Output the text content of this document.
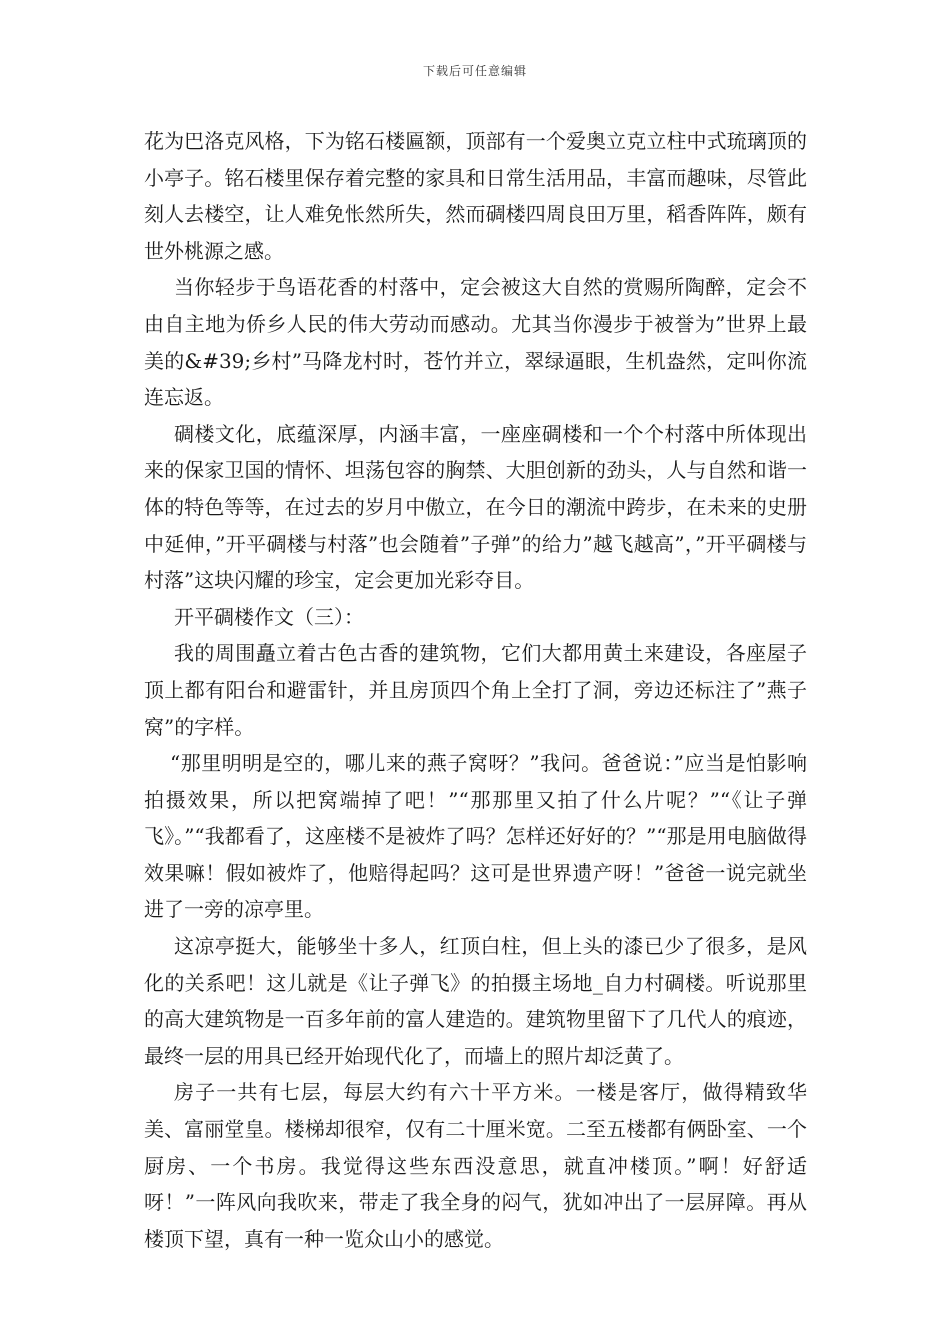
下载后可任意编辑

花为巴洛克风格，下为铭石楼匾额，顶部有一个爱奥立克立柱中式琉璃顶的小亭子。铭石楼里保存着完整的家具和日常生活用品，丰富而趣味，尽管此刻人去楼空，让人难免怅然所失，然而碉楼四周良田万里，稻香阵阵，颇有世外桃源之感。

当你轻步于鸟语花香的村落中，定会被这大自然的赏赐所陶醉，定会不由自主地为侨乡人民的伟大劳动而感动。尤其当你漫步于被誉为”世界上最美的&#39;乡村”马降龙村时，苍竹并立，翠绿逼眼，生机盎然，定叫你流连忘返。

碉楼文化，底蕴深厚，内涵丰富，一座座碉楼和一个个村落中所体现出来的保家卫国的情怀、坦荡包容的胸禁、大胆创新的劲头，人与自然和谐一体的特色等等，在过去的岁月中傲立，在今日的潮流中跨步，在未来的史册中延伸，”开平碉楼与村落”也会随着”子弹”的给力”越飞越高”，”开平碉楼与村落”这块闪耀的珍宝，定会更加光彩夺目。

开平碉楼作文（三）：

我的周围矗立着古色古香的建筑物，它们大都用黄土来建设，各座屋子顶上都有阳台和避雷针，并且房顶四个角上全打了洞，旁边还标注了”燕子窝”的字样。

“那里明明是空的，哪儿来的燕子窝呀？”我问。爸爸说：”应当是怕影响拍摄效果，所以把窝端掉了吧！”“那那里又拍了什么片呢？”“《让子弹飞》。”“我都看了，这座楼不是被炸了吗？怎样还好好的？”“那是用电脑做得效果嘛！假如被炸了，他赔得起吗？这可是世界遗产呀！”爸爸一说完就坐进了一旁的凉亭里。

这凉亭挺大，能够坐十多人，红顶白柱，但上头的漆已少了很多，是风化的关系吧！这儿就是《让子弹飞》的拍摄主场地_自力村碉楼。听说那里的高大建筑物是一百多年前的富人建造的。建筑物里留下了几代人的痕迹，最终一层的用具已经开始现代化了，而墙上的照片却泛黄了。

房子一共有七层，每层大约有六十平方米。一楼是客厅，做得精致华美、富丽堂皇。楼梯却很窄，仅有二十厘米宽。二至五楼都有俩卧室、一个厨房、一个书房。我觉得这些东西没意思，就直冲楼顶。”啊！好舒适呀！”一阵风向我吹来，带走了我全身的闷气，犹如冲出了一层屏障。再从楼顶下望，真有一种一览众山小的感觉。
